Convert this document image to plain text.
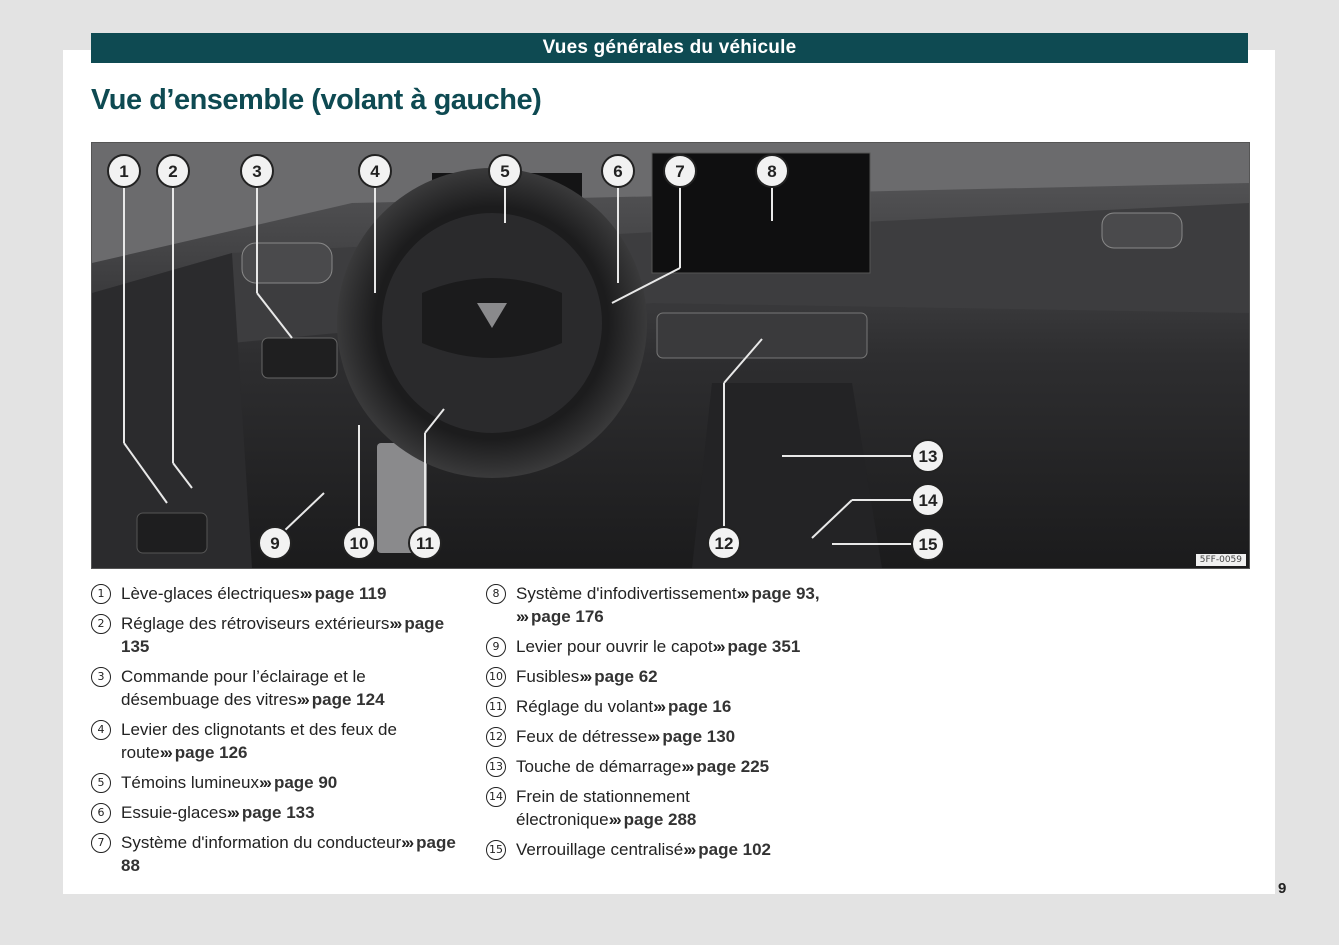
Vues générales du véhicule
Vue d’ensemble (volant à gauche)
1 2	3	4	5	6	7	8
9	10	11	12
13
14
15
5FF-0059
1 Lève-glaces électriques››› page 119
2 Réglage des rétroviseurs extérieurs››› page 135
3 Commande pour l’éclairage et le désembuage des vitres››› page 124
4 Levier des clignotants et des feux de route››› page 126
5 Témoins lumineux››› page 90
6 Essuie-glaces››› page 133
7 Système d'information du conducteur››› page 88
8 Système d'infodivertissement››› page 93, ››› page 176
9 Levier pour ouvrir le capot››› page 351
10 Fusibles››› page 62
11 Réglage du volant››› page 16
12 Feux de détresse››› page 130
13 Touche de démarrage››› page 225
14 Frein de stationnement électronique››› page 288
15 Verrouillage centralisé››› page 102
9
